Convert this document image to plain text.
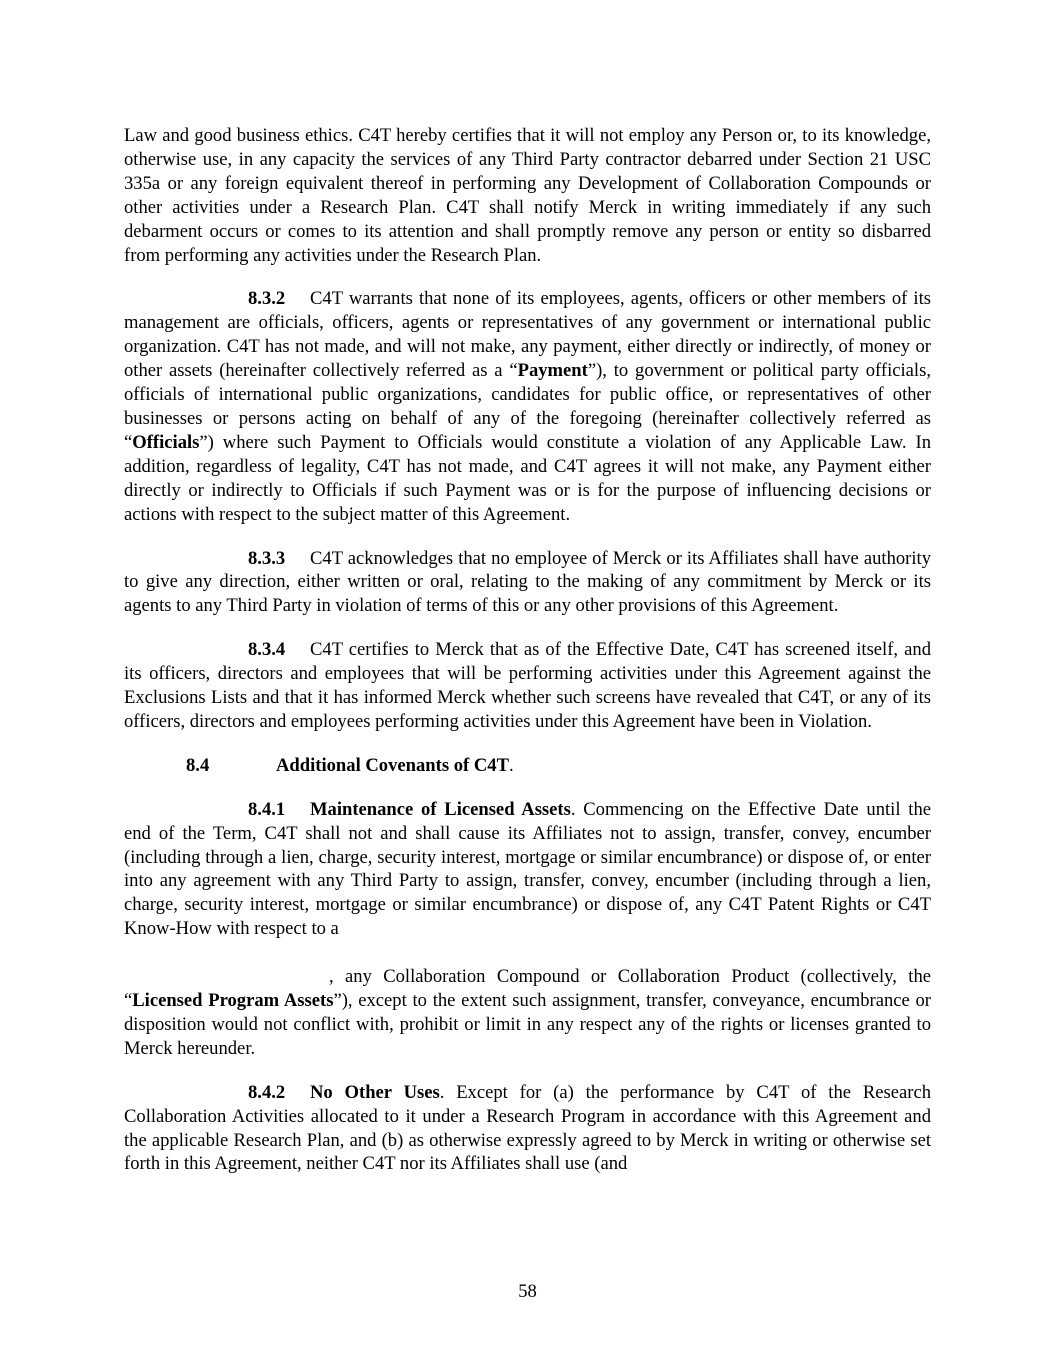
Law and good business ethics. C4T hereby certifies that it will not employ any Person or, to its knowledge, otherwise use, in any capacity the services of any Third Party contractor debarred under Section 21 USC 335a or any foreign equivalent thereof in performing any Development of Collaboration Compounds or other activities under a Research Plan. C4T shall notify Merck in writing immediately if any such debarment occurs or comes to its attention and shall promptly remove any person or entity so disbarred from performing any activities under the Research Plan.

8.3.2 C4T warrants that none of its employees, agents, officers or other members of its management are officials, officers, agents or representatives of any government or international public organization. C4T has not made, and will not make, any payment, either directly or indirectly, of money or other assets (hereinafter collectively referred as a “Payment”), to government or political party officials, officials of international public organizations, candidates for public office, or representatives of other businesses or persons acting on behalf of any of the foregoing (hereinafter collectively referred as “Officials”) where such Payment to Officials would constitute a violation of any Applicable Law. In addition, regardless of legality, C4T has not made, and C4T agrees it will not make, any Payment either directly or indirectly to Officials if such Payment was or is for the purpose of influencing decisions or actions with respect to the subject matter of this Agreement.

8.3.3 C4T acknowledges that no employee of Merck or its Affiliates shall have authority to give any direction, either written or oral, relating to the making of any commitment by Merck or its agents to any Third Party in violation of terms of this or any other provisions of this Agreement.

8.3.4 C4T certifies to Merck that as of the Effective Date, C4T has screened itself, and its officers, directors and employees that will be performing activities under this Agreement against the Exclusions Lists and that it has informed Merck whether such screens have revealed that C4T, or any of its officers, directors and employees performing activities under this Agreement have been in Violation.

8.4	Additional Covenants of C4T.

8.4.1 Maintenance of Licensed Assets. Commencing on the Effective Date until the end of the Term, C4T shall not and shall cause its Affiliates not to assign, transfer, convey, encumber (including through a lien, charge, security interest, mortgage or similar encumbrance) or dispose of, or enter into any agreement with any Third Party to assign, transfer, convey, encumber (including through a lien, charge, security interest, mortgage or similar encumbrance) or dispose of, any C4T Patent Rights or C4T Know-How with respect to a
, any Collaboration Compound or Collaboration Product (collectively, the “Licensed Program Assets”), except to the extent such assignment, transfer, conveyance, encumbrance or disposition would not conflict with, prohibit or limit in any respect any of the rights or licenses granted to Merck hereunder.

8.4.2 No Other Uses. Except for (a) the performance by C4T of the Research Collaboration Activities allocated to it under a Research Program in accordance with this Agreement and the applicable Research Plan, and (b) as otherwise expressly agreed to by Merck in writing or otherwise set forth in this Agreement, neither C4T nor its Affiliates shall use (and

58
